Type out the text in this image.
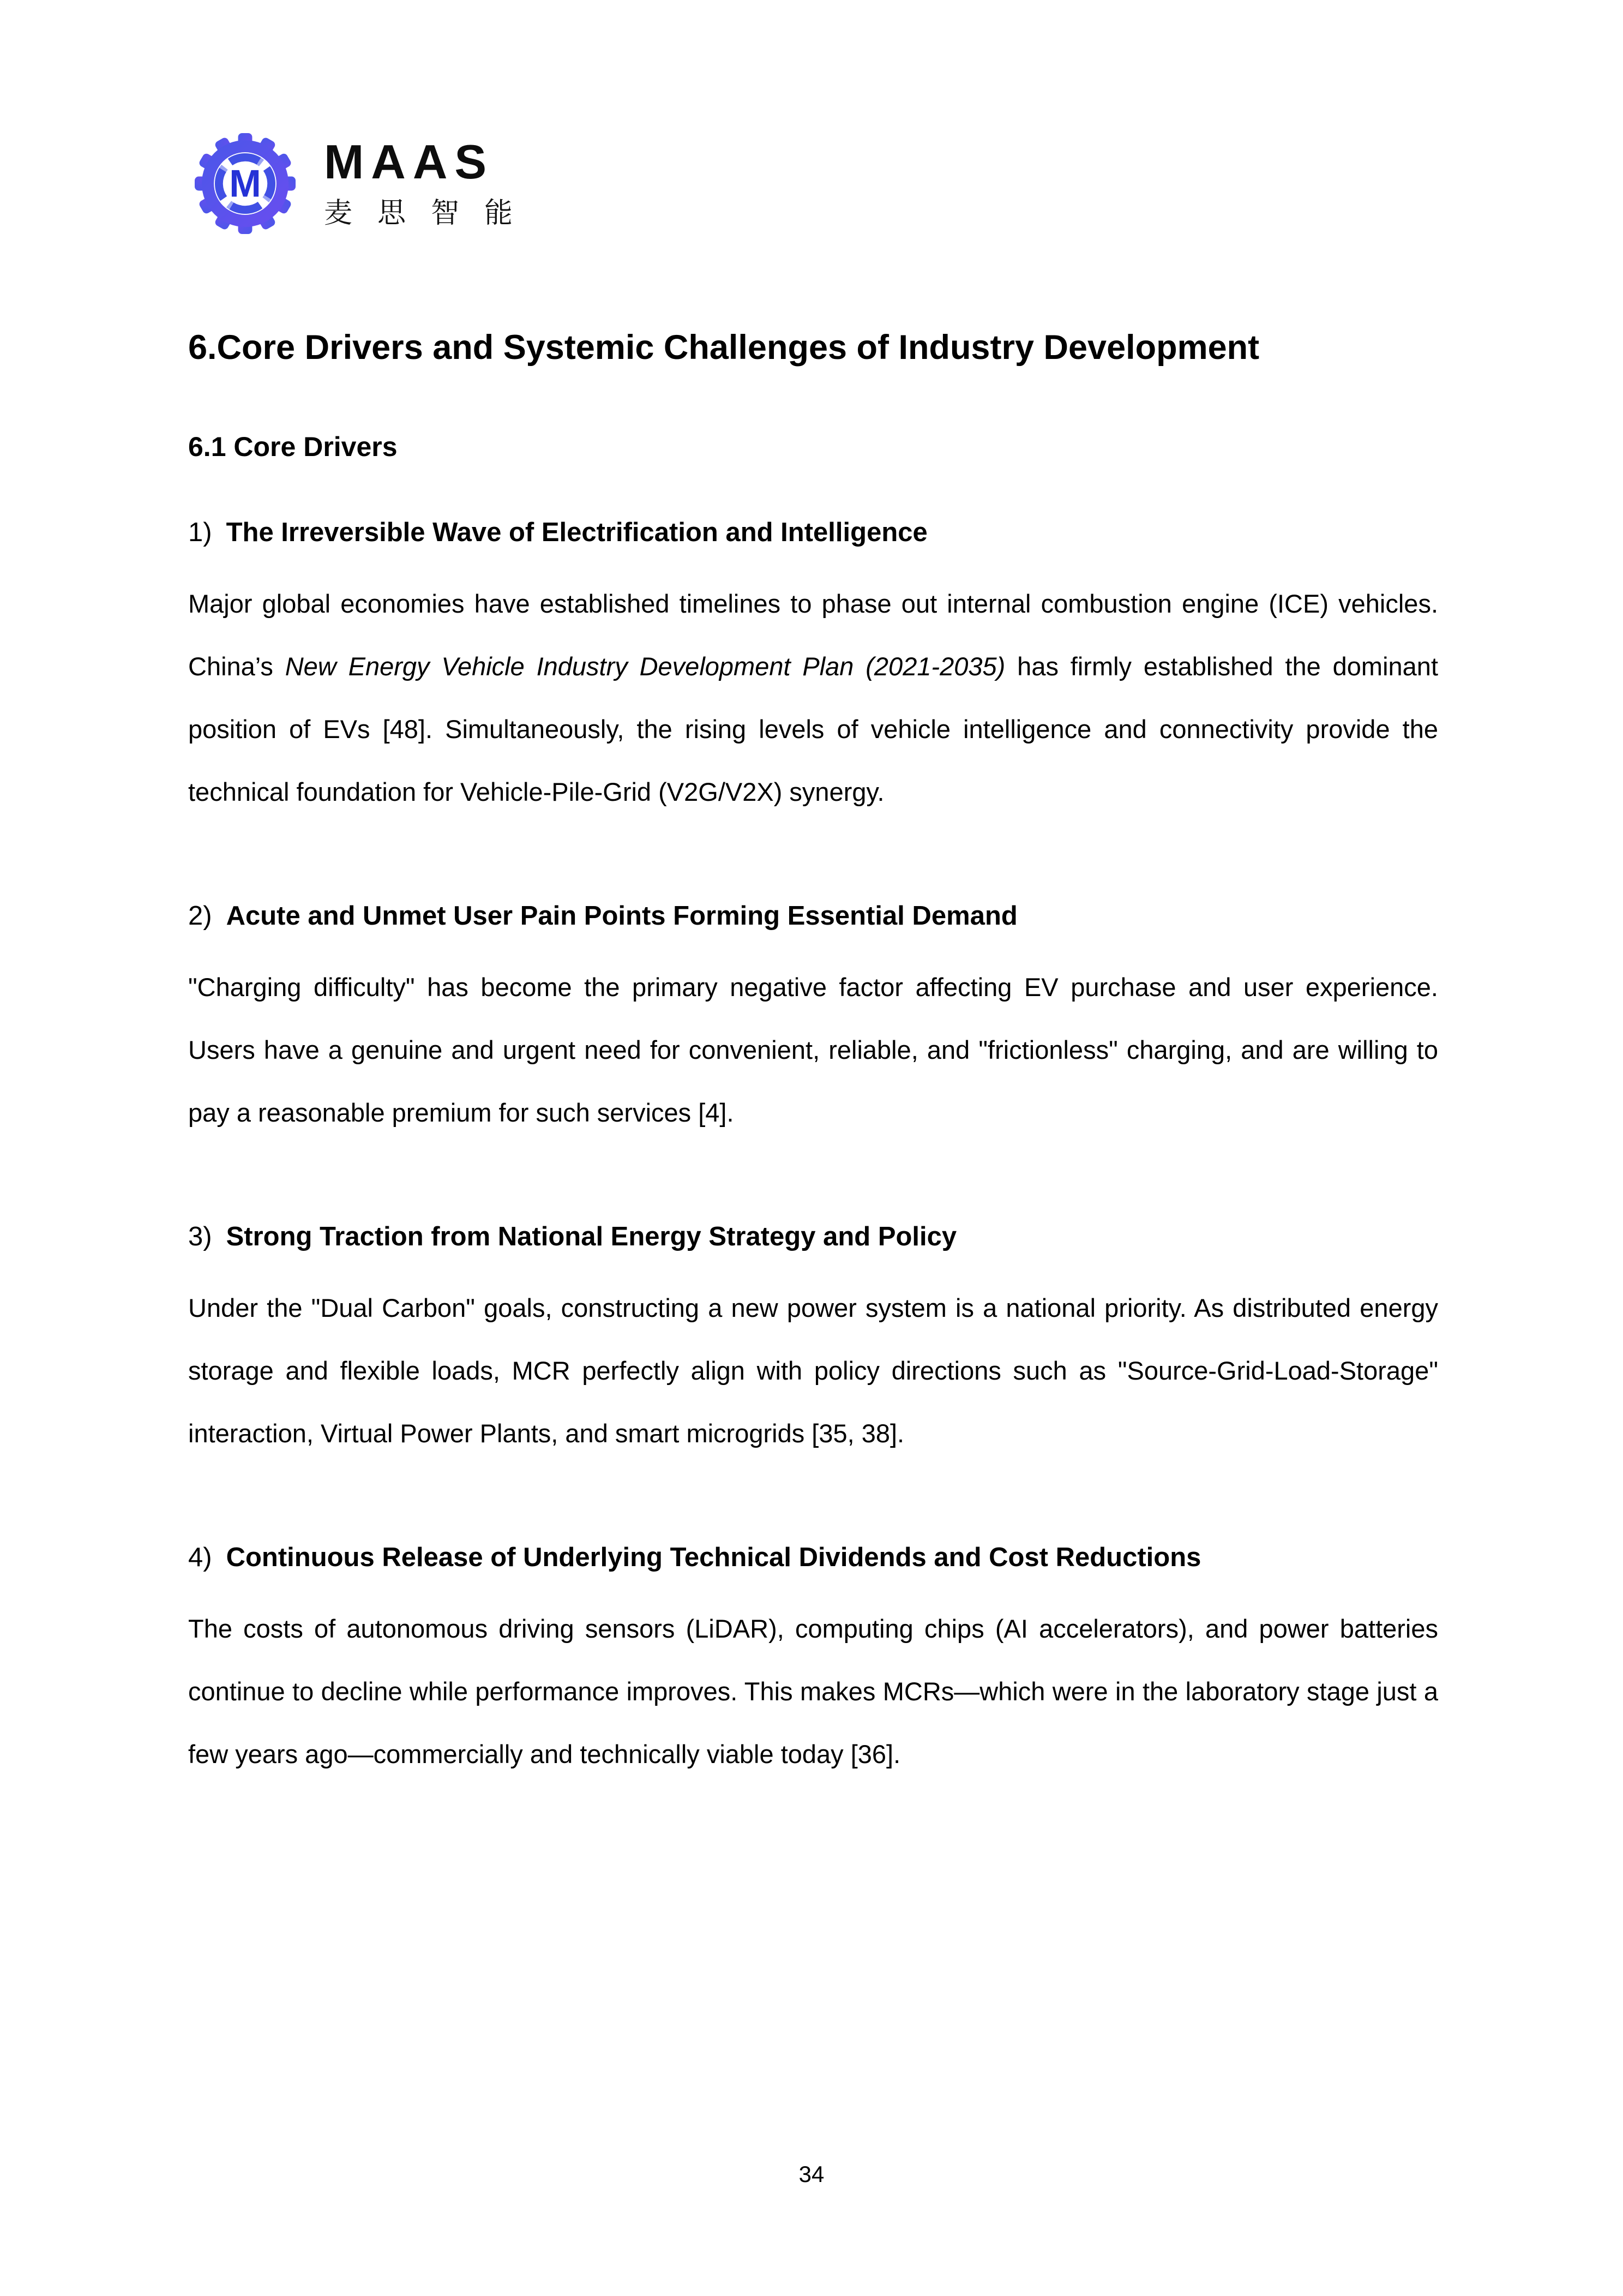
M MAAS
麦思智能
6.Core Drivers and Systemic Challenges of Industry Development
6.1 Core Drivers
1) The Irreversible Wave of Electrification and Intelligence

Major global economies have established timelines to phase out internal combustion engine (ICE) vehicles. China’s New Energy Vehicle Industry Development Plan (2021-2035) has firmly established the dominant position of EVs [48]. Simultaneously, the rising levels of vehicle intelligence and connectivity provide the technical foundation for Vehicle-Pile-Grid (V2G/V2X) synergy.

2) Acute and Unmet User Pain Points Forming Essential Demand

"Charging difficulty" has become the primary negative factor affecting EV purchase and user experience. Users have a genuine and urgent need for convenient, reliable, and "frictionless" charging, and are willing to pay a reasonable premium for such services [4].

3) Strong Traction from National Energy Strategy and Policy

Under the "Dual Carbon" goals, constructing a new power system is a national priority. As distributed energy storage and flexible loads, MCR perfectly align with policy directions such as "Source-Grid-Load-Storage" interaction, Virtual Power Plants, and smart microgrids [35, 38].

4) Continuous Release of Underlying Technical Dividends and Cost Reductions

The costs of autonomous driving sensors (LiDAR), computing chips (AI accelerators), and power batteries continue to decline while performance improves. This makes MCRs—which were in the laboratory stage just a few years ago—commercially and technically viable today [36].

34
